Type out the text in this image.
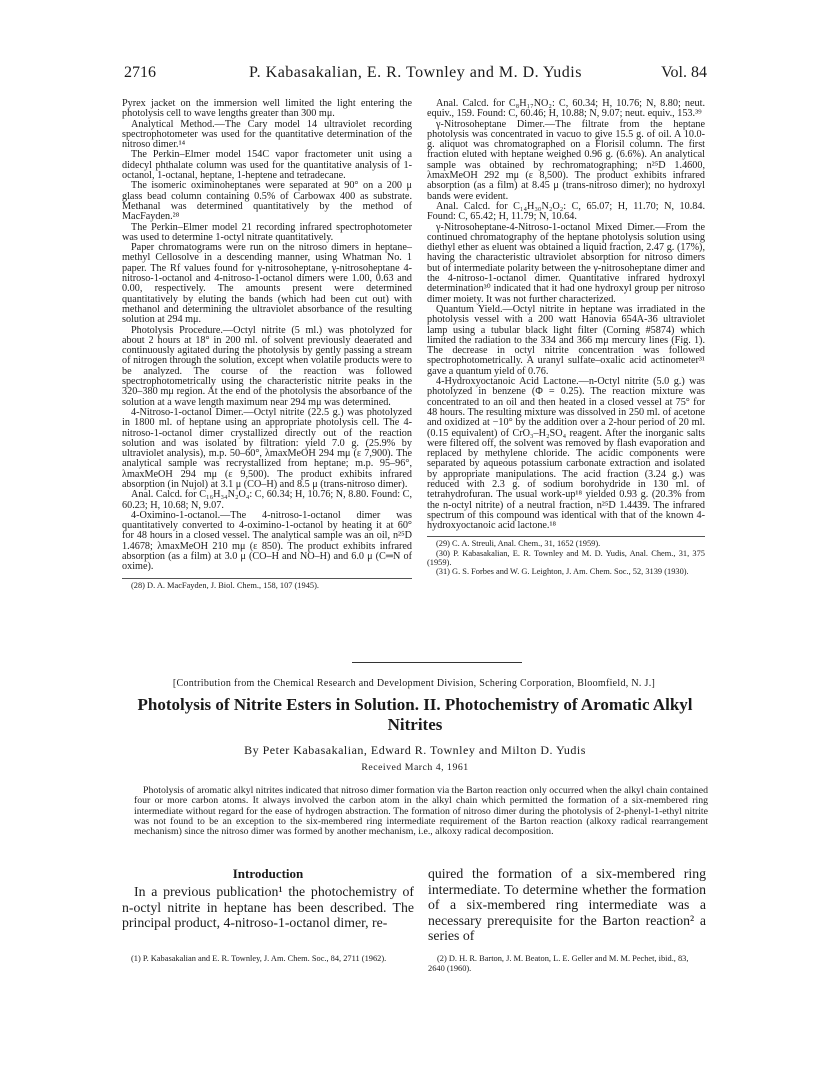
2716	P. Kabasakalian, E. R. Townley and M. D. Yudis	Vol. 84

Pyrex jacket on the immersion well limited the light entering the photolysis cell to wave lengths greater than 300 mμ.

Analytical Method.—The Cary model 14 ultraviolet recording spectrophotometer was used for the quantitative determination of the nitroso dimer.¹⁴

The Perkin–Elmer model 154C vapor fractometer unit using a didecyl phthalate column was used for the quantitative analysis of 1-octanol, 1-octanal, heptane, 1-heptene and tetradecane.

The isomeric oximinoheptanes were separated at 90° on a 200 μ glass bead column containing 0.5% of Carbowax 400 as substrate. Methanal was determined quantitatively by the method of MacFayden.²⁸

The Perkin–Elmer model 21 recording infrared spectrophotometer was used to determine 1-octyl nitrate quantitatively.

Paper chromatograms were run on the nitroso dimers in heptane–methyl Cellosolve in a descending manner, using Whatman No. 1 paper. The Rf values found for γ-nitrosoheptane, γ-nitrosoheptane 4-nitroso-1-octanol and 4-nitroso-1-octanol dimers were 1.00, 0.63 and 0.00, respectively. The amounts present were determined quantitatively by eluting the bands (which had been cut out) with methanol and determining the ultraviolet absorbance of the resulting solution at 294 mμ.

Photolysis Procedure.—Octyl nitrite (5 ml.) was photolyzed for about 2 hours at 18° in 200 ml. of solvent previously deaerated and continuously agitated during the photolysis by gently passing a stream of nitrogen through the solution, except when volatile products were to be analyzed. The course of the reaction was followed spectrophotometrically using the characteristic nitrite peaks in the 320–380 mμ region. At the end of the photolysis the absorbance of the solution at a wave length maximum near 294 mμ was determined.

4-Nitroso-1-octanol Dimer.—Octyl nitrite (22.5 g.) was photolyzed in 1800 ml. of heptane using an appropriate photolysis cell. The 4-nitroso-1-octanol dimer crystallized directly out of the reaction solution and was isolated by filtration: yield 7.0 g. (25.9% by ultraviolet analysis), m.p. 50–60°, λmaxMeOH 294 mμ (ε 7,900). The analytical sample was recrystallized from heptane; m.p. 95–96°, λmaxMeOH 294 mμ (ε 9,500). The product exhibits infrared absorption (in Nujol) at 3.1 μ (CO–H) and 8.5 μ (trans-nitroso dimer).

Anal. Calcd. for C₁₆H₃₄N₂O₄: C, 60.34; H, 10.76; N, 8.80. Found: C, 60.23; H, 10.68; N, 9.07.

4-Oximino-1-octanol.—The 4-nitroso-1-octanol dimer was quantitatively converted to 4-oximino-1-octanol by heating it at 60° for 48 hours in a closed vessel. The analytical sample was an oil, n²⁵D 1.4678; λmaxMeOH 210 mμ (ε 850). The product exhibits infrared absorption (as a film) at 3.0 μ (CO–H and NO–H) and 6.0 μ (C═N of oxime).

(28) D. A. MacFayden, J. Biol. Chem., 158, 107 (1945).

Anal. Calcd. for C₈H₁₇NO₂: C, 60.34; H, 10.76; N, 8.80; neut. equiv., 159. Found: C, 60.46; H, 10.88; N, 9.07; neut. equiv., 153.³⁹

γ-Nitrosoheptane Dimer.—The filtrate from the heptane photolysis was concentrated in vacuo to give 15.5 g. of oil. A 10.0-g. aliquot was chromatographed on a Florisil column. The first fraction eluted with heptane weighed 0.96 g. (6.6%). An analytical sample was obtained by rechromatographing; n²⁵D 1.4600, λmaxMeOH 292 mμ (ε 8,500). The product exhibits infrared absorption (as a film) at 8.45 μ (trans-nitroso dimer); no hydroxyl bands were evident.

Anal. Calcd. for C₁₄H₃₀N₂O₂: C, 65.07; H, 11.70; N, 10.84. Found: C, 65.42; H, 11.79; N, 10.64.

γ-Nitrosoheptane-4-Nitroso-1-octanol Mixed Dimer.—From the continued chromatography of the heptane photolysis solution using diethyl ether as eluent was obtained a liquid fraction, 2.47 g. (17%), having the characteristic ultraviolet absorption for nitroso dimers but of intermediate polarity between the γ-nitrosoheptane dimer and the 4-nitroso-1-octanol dimer. Quantitative infrared hydroxyl determination³⁰ indicated that it had one hydroxyl group per nitroso dimer moiety. It was not further characterized.

Quantum Yield.—Octyl nitrite in heptane was irradiated in the photolysis vessel with a 200 watt Hanovia 654A-36 ultraviolet lamp using a tubular black light filter (Corning #5874) which limited the radiation to the 334 and 366 mμ mercury lines (Fig. 1). The decrease in octyl nitrite concentration was followed spectrophotometrically. A uranyl sulfate–oxalic acid actinometer³¹ gave a quantum yield of 0.76.

4-Hydroxyoctanoic Acid Lactone.—n-Octyl nitrite (5.0 g.) was photolyzed in benzene (Φ = 0.25). The reaction mixture was concentrated to an oil and then heated in a closed vessel at 75° for 48 hours. The resulting mixture was dissolved in 250 ml. of acetone and oxidized at −10° by the addition over a 2-hour period of 20 ml. (0.15 equivalent) of CrO₃–H₂SO₄ reagent. After the inorganic salts were filtered off, the solvent was removed by flash evaporation and replaced by methylene chloride. The acidic components were separated by aqueous potassium carbonate extraction and isolated by appropriate manipulations. The acid fraction (3.24 g.) was reduced with 2.3 g. of sodium borohydride in 130 ml. of tetrahydrofuran. The usual work-up¹⁸ yielded 0.93 g. (20.3% from the n-octyl nitrite) of a neutral fraction, n²⁵D 1.4439. The infrared spectrum of this compound was identical with that of the known 4-hydroxyoctanoic acid lactone.¹⁸

(29) C. A. Streuli, Anal. Chem., 31, 1652 (1959).

(30) P. Kabasakalian, E. R. Townley and M. D. Yudis, Anal. Chem., 31, 375 (1959).

(31) G. S. Forbes and W. G. Leighton, J. Am. Chem. Soc., 52, 3139 (1930).

[Contribution from the Chemical Research and Development Division, Schering Corporation, Bloomfield, N. J.]
Photolysis of Nitrite Esters in Solution. II. Photochemistry of Aromatic Alkyl Nitrites
By Peter Kabasakalian, Edward R. Townley and Milton D. Yudis
Received March 4, 1961

Photolysis of aromatic alkyl nitrites indicated that nitroso dimer formation via the Barton reaction only occurred when the alkyl chain contained four or more carbon atoms. It always involved the carbon atom in the alkyl chain which permitted the formation of a six-membered ring intermediate without regard for the ease of hydrogen abstraction. The formation of nitroso dimer during the photolysis of 2-phenyl-1-ethyl nitrite was not found to be an exception to the six-membered ring intermediate requirement of the Barton reaction (alkoxy radical rearrangement mechanism) since the nitroso dimer was formed by another mechanism, i.e., alkoxy radical decomposition.

Introduction

In a previous publication¹ the photochemistry of n-octyl nitrite in heptane has been described. The principal product, 4-nitroso-1-octanol dimer, re-

quired the formation of a six-membered ring intermediate. To determine whether the formation of a six-membered ring intermediate was a necessary prerequisite for the Barton reaction² a series of

(1) P. Kabasakalian and E. R. Townley, J. Am. Chem. Soc., 84, 2711 (1962).	(2) D. H. R. Barton, J. M. Beaton, L. E. Geller and M. M. Pechet, ibid., 83, 2640 (1960).
